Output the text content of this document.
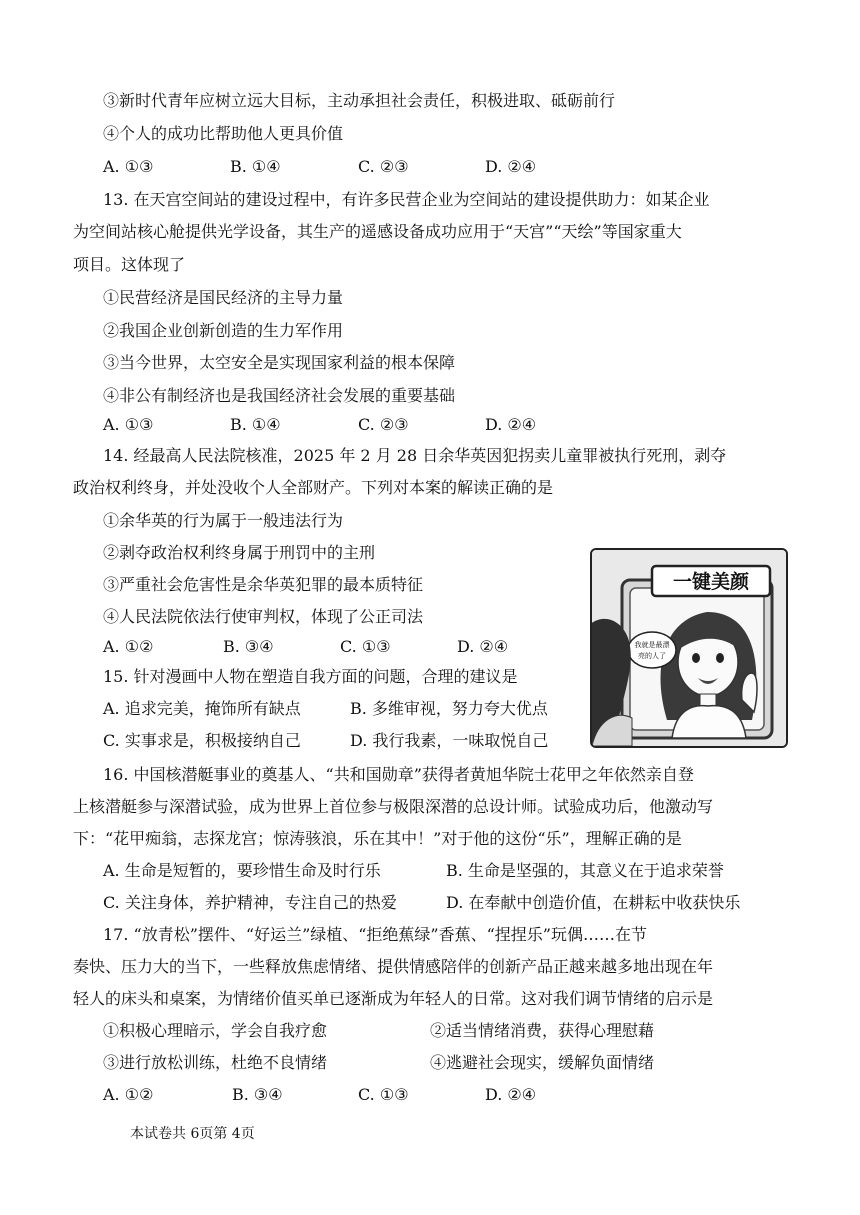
③新时代青年应树立远大目标，主动承担社会责任，积极进取、砥砺前行
④个人的成功比帮助他人更具价值
A. ①③	B. ①④	C. ②③	D. ②④
13. 在天宫空间站的建设过程中，有许多民营企业为空间站的建设提供助力：如某企业
为空间站核心舱提供光学设备，其生产的遥感设备成功应用于“天宫”“天绘”等国家重大
项目。这体现了
①民营经济是国民经济的主导力量
②我国企业创新创造的生力军作用
③当今世界，太空安全是实现国家利益的根本保障
④非公有制经济也是我国经济社会发展的重要基础
A. ①③	B. ①④	C. ②③	D. ②④
14. 经最高人民法院核准，2025 年 2 月 28 日余华英因犯拐卖儿童罪被执行死刑，剥夺
政治权利终身，并处没收个人全部财产。下列对本案的解读正确的是
①余华英的行为属于一般违法行为
②剥夺政治权利终身属于刑罚中的主刑
③严重社会危害性是余华英犯罪的最本质特征
④人民法院依法行使审判权，体现了公正司法
A. ①②	B. ③④	C. ①③	D. ②④
一键美颜
我就是最漂
亮的人了
15. 针对漫画中人物在塑造自我方面的问题，合理的建议是
A. 追求完美，掩饰所有缺点	B. 多维审视，努力夸大优点
C. 实事求是，积极接纳自己	D. 我行我素，一味取悦自己
16. 中国核潜艇事业的奠基人、“共和国勋章”获得者黄旭华院士花甲之年依然亲自登
上核潜艇参与深潜试验，成为世界上首位参与极限深潜的总设计师。试验成功后，他激动写
下：“花甲痴翁，志探龙宫；惊涛骇浪，乐在其中！”对于他的这份“乐”，理解正确的是
A. 生命是短暂的，要珍惜生命及时行乐	B. 生命是坚强的，其意义在于追求荣誉
C. 关注身体，养护精神，专注自己的热爱	D. 在奉献中创造价值，在耕耘中收获快乐
17. “放青松”摆件、“好运兰”绿植、“拒绝蕉绿”香蕉、“捏捏乐”玩偶……在节
奏快、压力大的当下，一些释放焦虑情绪、提供情感陪伴的创新产品正越来越多地出现在年
轻人的床头和桌案，为情绪价值买单已逐渐成为年轻人的日常。这对我们调节情绪的启示是
①积极心理暗示，学会自我疗愈	②适当情绪消费，获得心理慰藉
③进行放松训练，杜绝不良情绪	④逃避社会现实，缓解负面情绪
A. ①②	B. ③④	C. ①③	D. ②④
本试卷共 6页第 4页
